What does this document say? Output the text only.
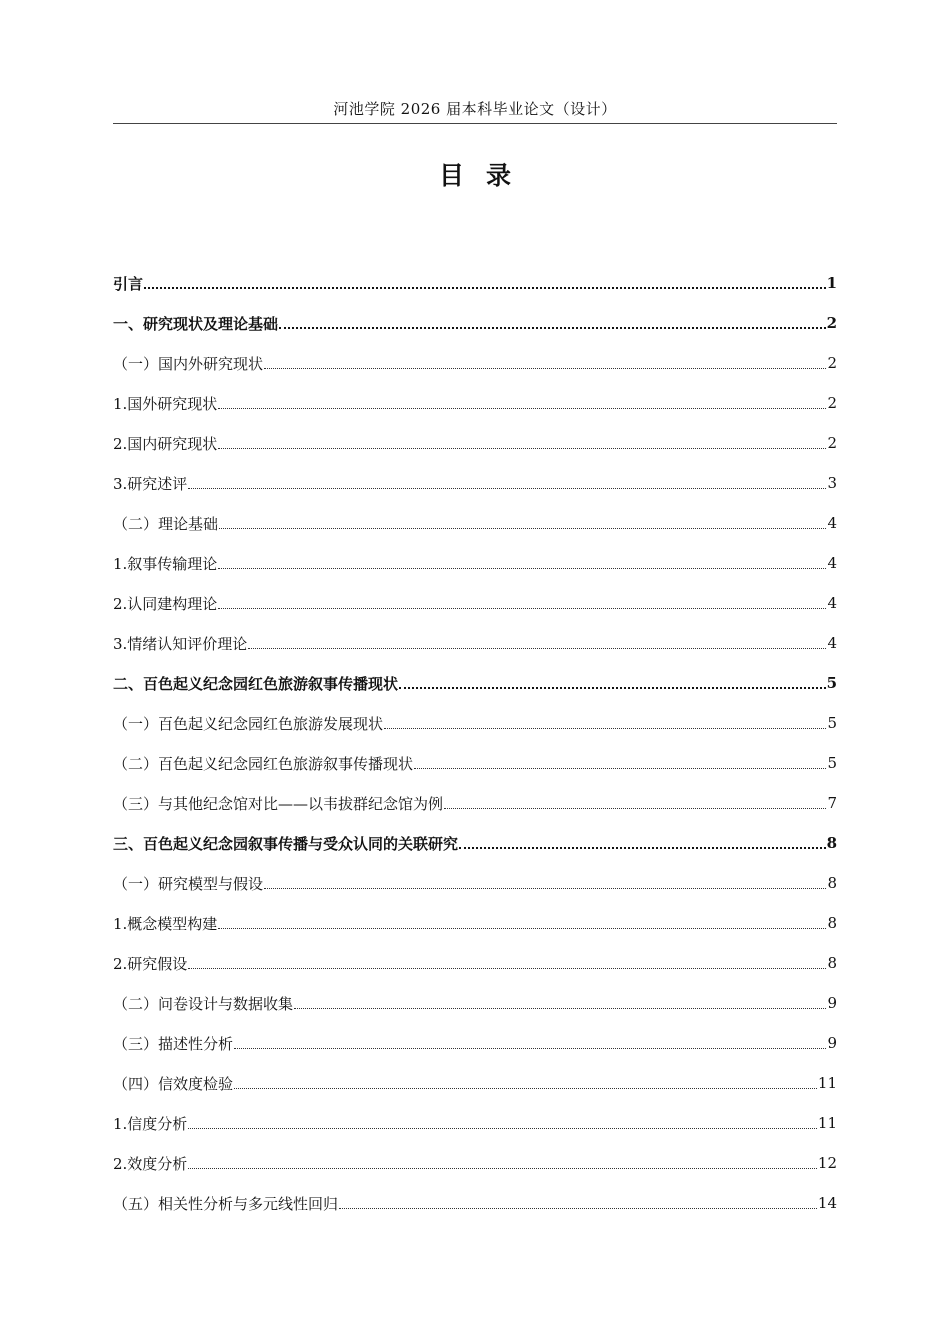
河池学院 2026 届本科毕业论文（设计）
目录
引言	1
一、研究现状及理论基础	2
（一）国内外研究现状	2
1.国外研究现状	2
2.国内研究现状	2
3.研究述评	3
（二）理论基础	4
1.叙事传输理论	4
2.认同建构理论	4
3.情绪认知评价理论	4
二、百色起义纪念园红色旅游叙事传播现状	5
（一）百色起义纪念园红色旅游发展现状	5
（二）百色起义纪念园红色旅游叙事传播现状	5
（三）与其他纪念馆对比——以韦拔群纪念馆为例	7
三、百色起义纪念园叙事传播与受众认同的关联研究	8
（一）研究模型与假设	8
1.概念模型构建	8
2.研究假设	8
（二）问卷设计与数据收集	9
（三）描述性分析	9
（四）信效度检验	11
1.信度分析	11
2.效度分析	12
（五）相关性分析与多元线性回归	14
